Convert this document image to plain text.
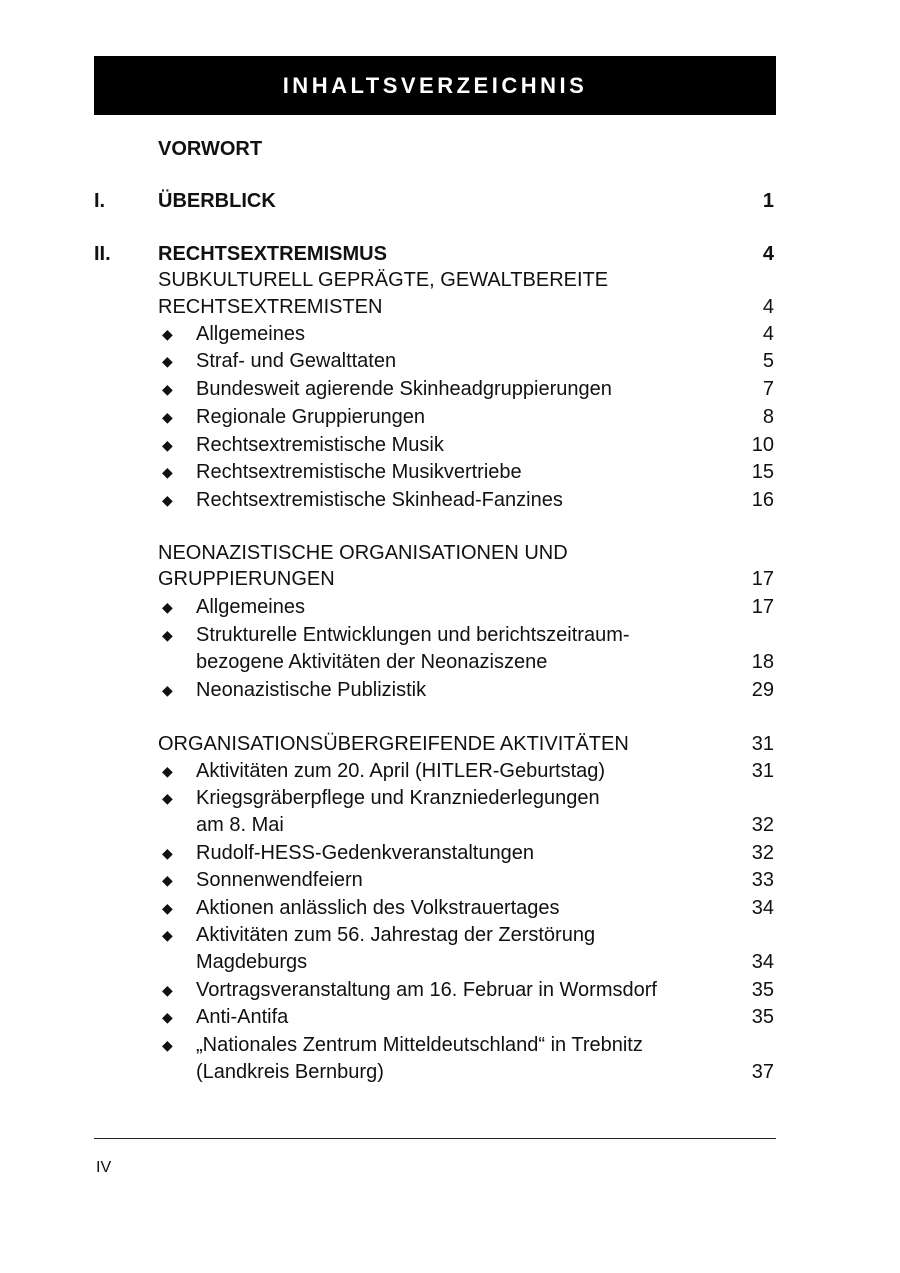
INHALTSVERZEICHNIS
VORWORT
I.	ÜBERBLICK	1
II. RECHTSEXTREMISMUS	4
SUBKULTURELL GEPRÄGTE, GEWALTBEREITE
RECHTSEXTREMISTEN	4
◆ Allgemeines	4
◆ Straf- und Gewalttaten	5
◆ Bundesweit agierende Skinheadgruppierungen	7
◆ Regionale Gruppierungen	8
◆ Rechtsextremistische Musik	10
◆ Rechtsextremistische Musikvertriebe	15
◆ Rechtsextremistische Skinhead-Fanzines	16
NEONAZISTISCHE ORGANISATIONEN UND
GRUPPIERUNGEN	17
◆ Allgemeines	17
◆ Strukturelle Entwicklungen und berichtszeitraum-
bezogene Aktivitäten der Neonaziszene	18
◆ Neonazistische Publizistik	29
ORGANISATIONSÜBERGREIFENDE AKTIVITÄTEN	31
◆ Aktivitäten zum 20. April (HITLER-Geburtstag)	31
◆ Kriegsgräberpflege und Kranzniederlegungen
am 8. Mai	32
◆ Rudolf-HESS-Gedenkveranstaltungen	32
◆ Sonnenwendfeiern	33
◆ Aktionen anlässlich des Volkstrauertages	34
◆ Aktivitäten zum 56. Jahrestag der Zerstörung
Magdeburgs	34
◆ Vortragsveranstaltung am 16. Februar in Wormsdorf	35
◆ Anti-Antifa	35
◆ „Nationales Zentrum Mitteldeutschland“ in Trebnitz
(Landkreis Bernburg)	37
IV
